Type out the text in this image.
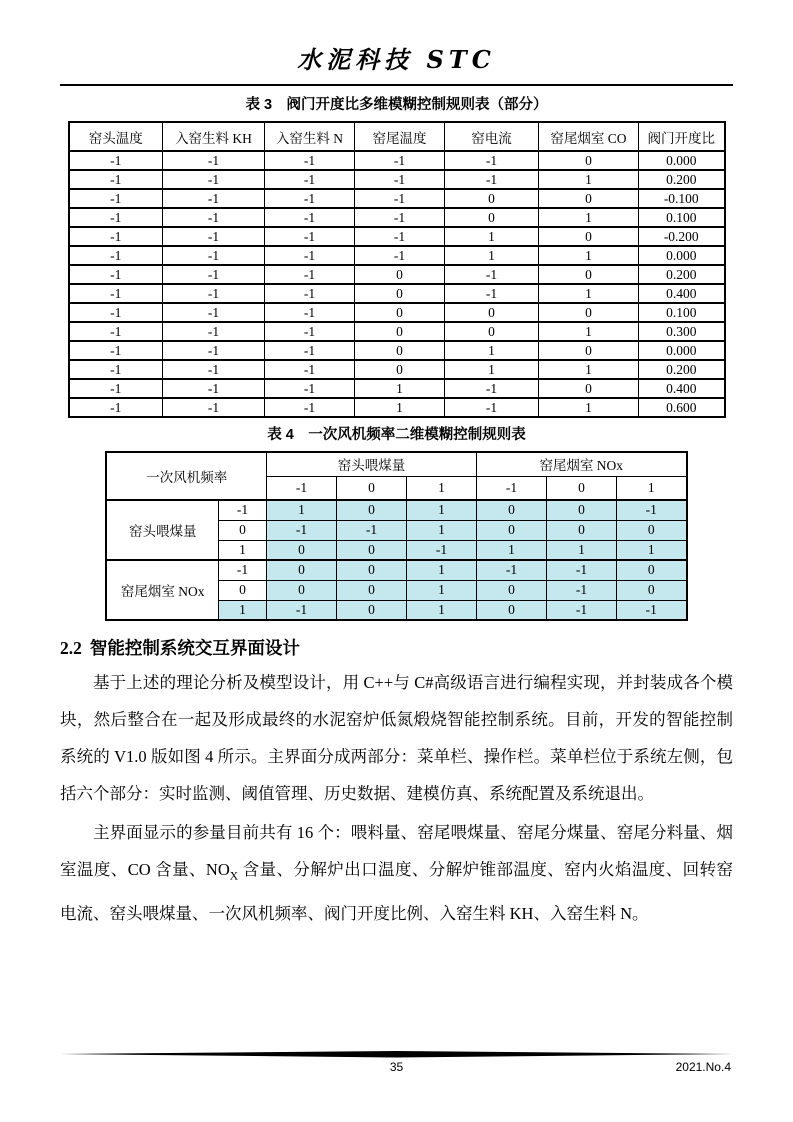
水泥科技 STC
表 3　阀门开度比多维模糊控制规则表（部分）
窑头温度	入窑生料 KH	入窑生料 N	窑尾温度	窑电流	窑尾烟室 CO	阀门开度比
-1	-1	-1	-1	-1	0	0.000
-1	-1	-1	-1	-1	1	0.200
-1	-1	-1	-1	0	0	-0.100
-1	-1	-1	-1	0	1	0.100
-1	-1	-1	-1	1	0	-0.200
-1	-1	-1	-1	1	1	0.000
-1	-1	-1	0	-1	0	0.200
-1	-1	-1	0	-1	1	0.400
-1	-1	-1	0	0	0	0.100
-1	-1	-1	0	0	1	0.300
-1	-1	-1	0	1	0	0.000
-1	-1	-1	0	1	1	0.200
-1	-1	-1	1	-1	0	0.400
-1	-1	-1	1	-1	1	0.600
表 4　一次风机频率二维模糊控制规则表
一次风机频率		窑头喂煤量			窑尾烟室 NOx		
		-1	0	1	-1	0	1
窑头喂煤量	-1	1	0	1	0	0	-1
	0	-1	-1	1	0	0	0
	1	0	0	-1	1	1	1
窑尾烟室 NOx	-1	0	0	1	-1	-1	0
	0	0	0	1	0	-1	0
	1	-1	0	1	0	-1	-1
2.2 智能控制系统交互界面设计

基于上述的理论分析及模型设计，用 C++与 C#高级语言进行编程实现，并封装成各个模块，然后整合在一起及形成最终的水泥窑炉低氮煅烧智能控制系统。目前，开发的智能控制系统的 V1.0 版如图 4 所示。主界面分成两部分：菜单栏、操作栏。菜单栏位于系统左侧，包括六个部分：实时监测、阈值管理、历史数据、建模仿真、系统配置及系统退出。

主界面显示的参量目前共有 16 个：喂料量、窑尾喂煤量、窑尾分煤量、窑尾分料量、烟室温度、CO 含量、$NO_X$ 含量、分解炉出口温度、分解炉锥部温度、窑内火焰温度、回转窑电流、窑头喂煤量、一次风机频率、阀门开度比例、入窑生料 KH、入窑生料 N。

35	2021.No.4
